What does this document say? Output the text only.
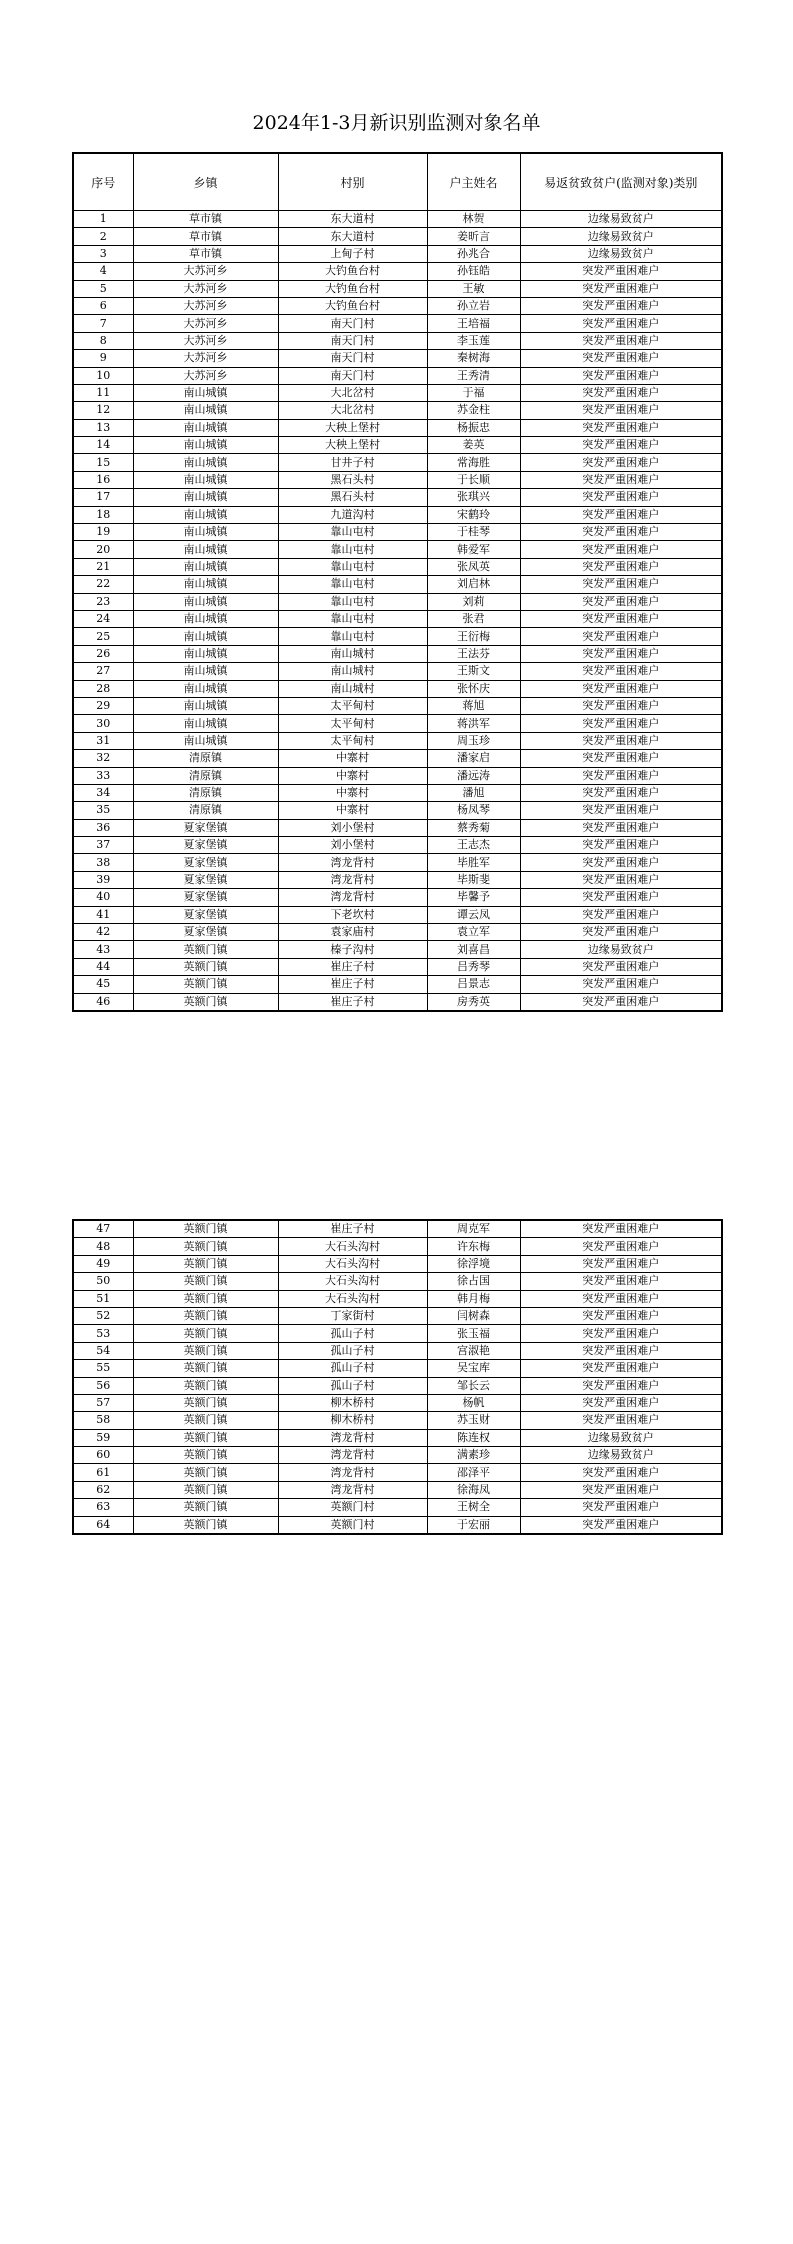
2024年1-3月新识别监测对象名单
序号	乡镇	村别	户主姓名	易返贫致贫户(监测对象)类别
1	草市镇	东大道村	林贺	边缘易致贫户
2	草市镇	东大道村	姜昕言	边缘易致贫户
3	草市镇	上甸子村	孙兆合	边缘易致贫户
4	大苏河乡	大钓鱼台村	孙钰皓	突发严重困难户
5	大苏河乡	大钓鱼台村	王敏	突发严重困难户
6	大苏河乡	大钓鱼台村	孙立岩	突发严重困难户
7	大苏河乡	南天门村	王培福	突发严重困难户
8	大苏河乡	南天门村	李玉莲	突发严重困难户
9	大苏河乡	南天门村	秦树海	突发严重困难户
10	大苏河乡	南天门村	王秀清	突发严重困难户
11	南山城镇	大北岔村	于福	突发严重困难户
12	南山城镇	大北岔村	苏金柱	突发严重困难户
13	南山城镇	大秧上堡村	杨振忠	突发严重困难户
14	南山城镇	大秧上堡村	姜英	突发严重困难户
15	南山城镇	甘井子村	常海胜	突发严重困难户
16	南山城镇	黑石头村	于长顺	突发严重困难户
17	南山城镇	黑石头村	张琪兴	突发严重困难户
18	南山城镇	九道沟村	宋鹤玲	突发严重困难户
19	南山城镇	靠山屯村	于桂琴	突发严重困难户
20	南山城镇	靠山屯村	韩爱军	突发严重困难户
21	南山城镇	靠山屯村	张凤英	突发严重困难户
22	南山城镇	靠山屯村	刘启林	突发严重困难户
23	南山城镇	靠山屯村	刘莉	突发严重困难户
24	南山城镇	靠山屯村	张君	突发严重困难户
25	南山城镇	靠山屯村	王衍梅	突发严重困难户
26	南山城镇	南山城村	王法芬	突发严重困难户
27	南山城镇	南山城村	王斯文	突发严重困难户
28	南山城镇	南山城村	张怀庆	突发严重困难户
29	南山城镇	太平甸村	蒋旭	突发严重困难户
30	南山城镇	太平甸村	蒋洪军	突发严重困难户
31	南山城镇	太平甸村	周玉珍	突发严重困难户
32	清原镇	中寨村	潘家启	突发严重困难户
33	清原镇	中寨村	潘远涛	突发严重困难户
34	清原镇	中寨村	潘旭	突发严重困难户
35	清原镇	中寨村	杨凤琴	突发严重困难户
36	夏家堡镇	刘小堡村	蔡秀菊	突发严重困难户
37	夏家堡镇	刘小堡村	王志杰	突发严重困难户
38	夏家堡镇	湾龙背村	毕胜军	突发严重困难户
39	夏家堡镇	湾龙背村	毕斯斐	突发严重困难户
40	夏家堡镇	湾龙背村	毕馨予	突发严重困难户
41	夏家堡镇	下老坎村	谭云凤	突发严重困难户
42	夏家堡镇	袁家庙村	袁立军	突发严重困难户
43	英额门镇	榛子沟村	刘喜昌	边缘易致贫户
44	英额门镇	崔庄子村	吕秀琴	突发严重困难户
45	英额门镇	崔庄子村	吕景志	突发严重困难户
46	英额门镇	崔庄子村	房秀英	突发严重困难户
47	英额门镇	崔庄子村	周克军	突发严重困难户
48	英额门镇	大石头沟村	许东梅	突发严重困难户
49	英额门镇	大石头沟村	徐浮境	突发严重困难户
50	英额门镇	大石头沟村	徐占国	突发严重困难户
51	英额门镇	大石头沟村	韩月梅	突发严重困难户
52	英额门镇	丁家街村	闫树森	突发严重困难户
53	英额门镇	孤山子村	张玉福	突发严重困难户
54	英额门镇	孤山子村	宫淑艳	突发严重困难户
55	英额门镇	孤山子村	吴宝库	突发严重困难户
56	英额门镇	孤山子村	邹长云	突发严重困难户
57	英额门镇	柳木桥村	杨帆	突发严重困难户
58	英额门镇	柳木桥村	苏玉财	突发严重困难户
59	英额门镇	湾龙背村	陈连权	边缘易致贫户
60	英额门镇	湾龙背村	满素珍	边缘易致贫户
61	英额门镇	湾龙背村	邵泽平	突发严重困难户
62	英额门镇	湾龙背村	徐海凤	突发严重困难户
63	英额门镇	英额门村	王树全	突发严重困难户
64	英额门镇	英额门村	于宏丽	突发严重困难户
